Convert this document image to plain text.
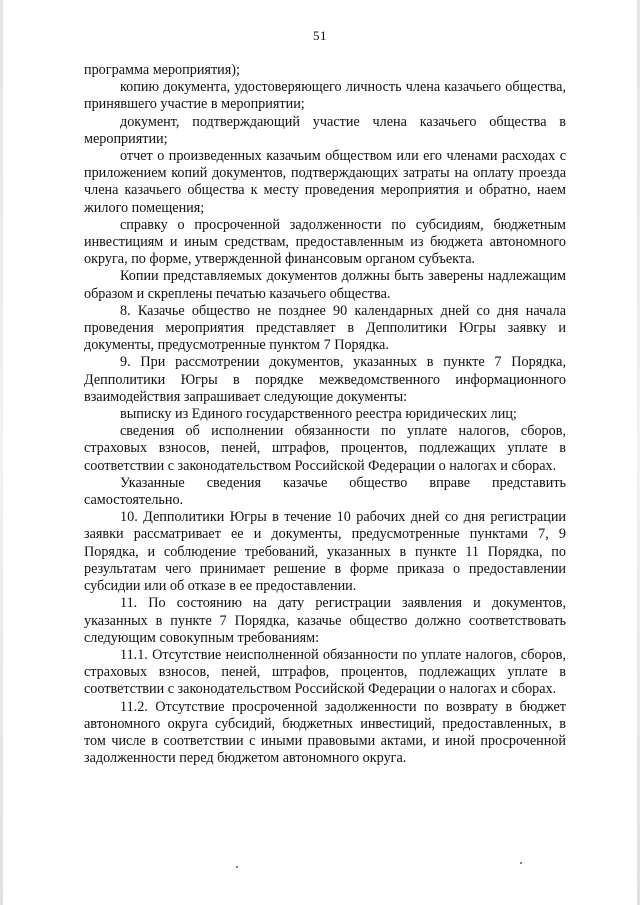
51

программа мероприятия);

копию документа, удостоверяющего личность члена казачьего общества, принявшего участие в мероприятии;

документ, подтверждающий участие члена казачьего общества в мероприятии;

отчет о произведенных казачьим обществом или его членами расходах с приложением копий документов, подтверждающих затраты на оплату проезда члена казачьего общества к месту проведения мероприятия и обратно, наем жилого помещения;

справку о просроченной задолженности по субсидиям, бюджетным инвестициям и иным средствам, предоставленным из бюджета автономного округа, по форме, утвержденной финансовым органом субъекта.

Копии представляемых документов должны быть заверены надлежащим образом и скреплены печатью казачьего общества.

8. Казачье общество не позднее 90 календарных дней со дня начала проведения мероприятия представляет в Депполитики Югры заявку и документы, предусмотренные пунктом 7 Порядка.

9. При рассмотрении документов, указанных в пункте 7 Порядка, Депполитики Югры в порядке межведомственного информационного взаимодействия запрашивает следующие документы:

выписку из Единого государственного реестра юридических лиц;

сведения об исполнении обязанности по уплате налогов, сборов, страховых взносов, пеней, штрафов, процентов, подлежащих уплате в соответствии с законодательством Российской Федерации о налогах и сборах.

Указанные сведения казачье общество вправе представить самостоятельно.

10. Депполитики Югры в течение 10 рабочих дней со дня регистрации заявки рассматривает ее и документы, предусмотренные пунктами 7, 9 Порядка, и соблюдение требований, указанных в пункте 11 Порядка, по результатам чего принимает решение в форме приказа о предоставлении субсидии или об отказе в ее предоставлении.

11. По состоянию на дату регистрации заявления и документов, указанных в пункте 7 Порядка, казачье общество должно соответствовать следующим совокупным требованиям:

11.1. Отсутствие неисполненной обязанности по уплате налогов, сборов, страховых взносов, пеней, штрафов, процентов, подлежащих уплате в соответствии с законодательством Российской Федерации о налогах и сборах.

11.2. Отсутствие просроченной задолженности по возврату в бюджет автономного округа субсидий, бюджетных инвестиций, предоставленных, в том числе в соответствии с иными правовыми актами, и иной просроченной задолженности перед бюджетом автономного округа.
